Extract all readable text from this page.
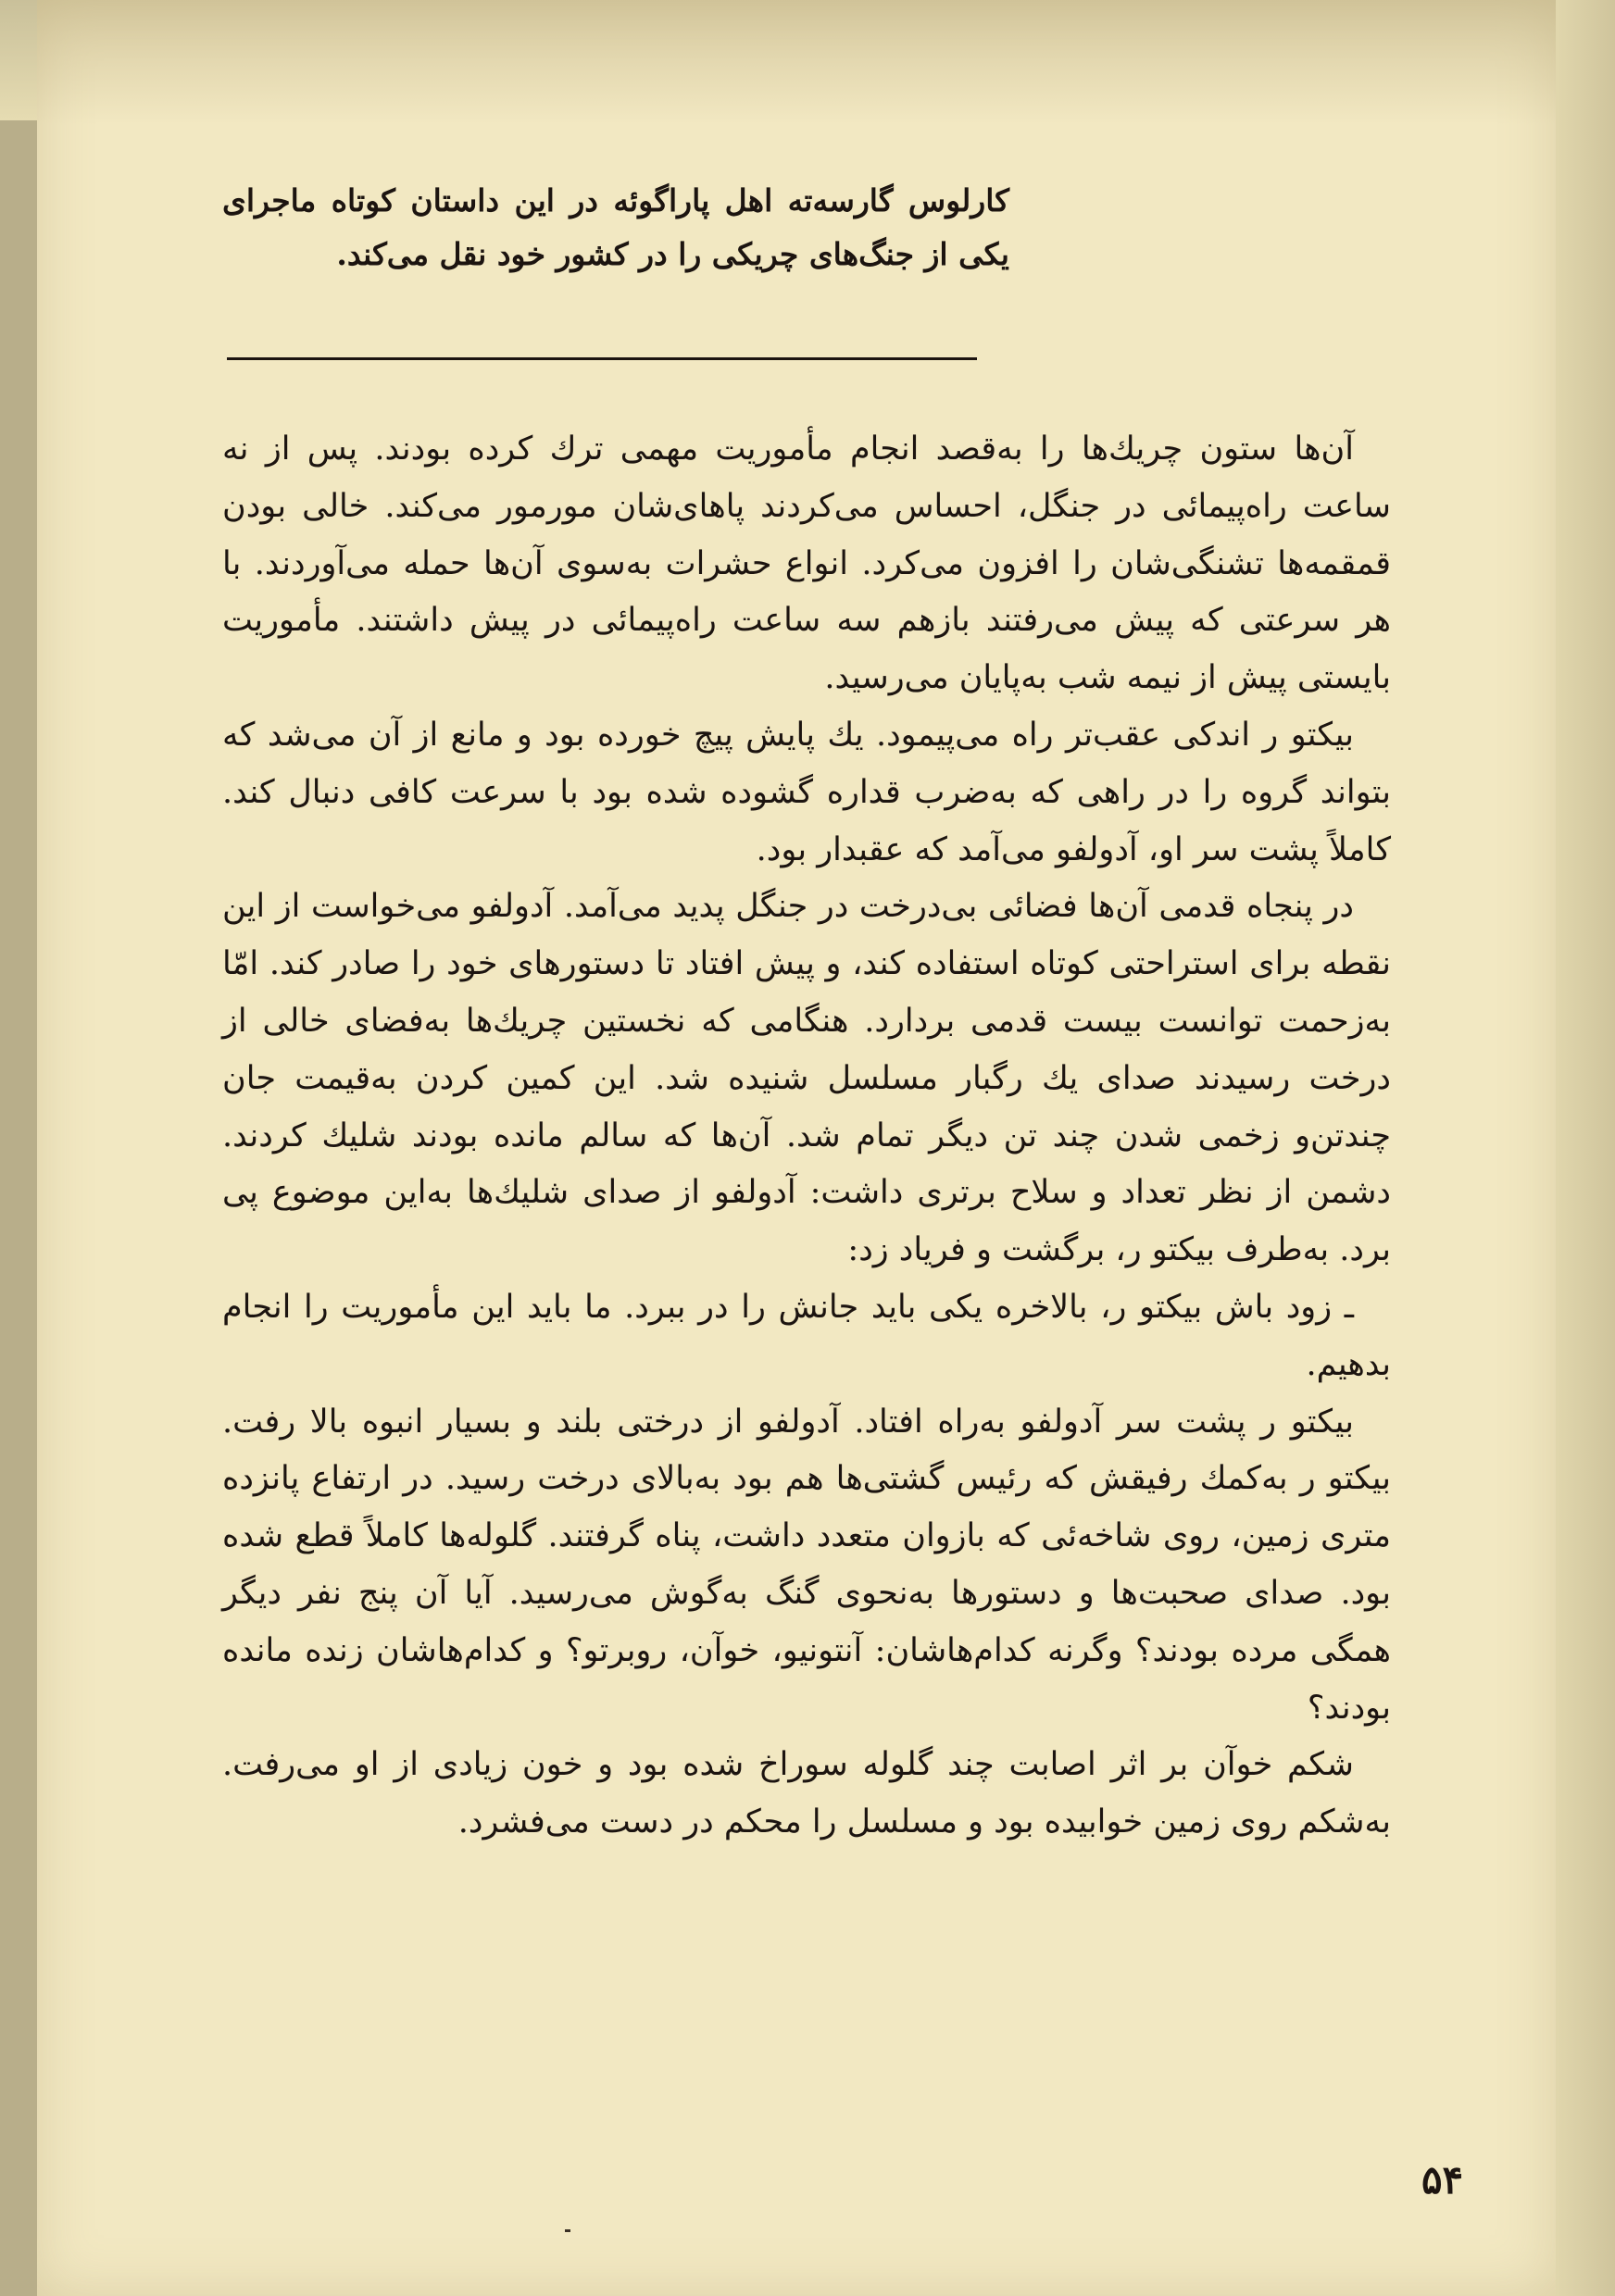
کارلوس گارسه‌ته اهل پاراگوئه در این داستان کوتاه ماجرای یکی از جنگ‌های چریکی را در کشور خود نقل می‌کند.

آن‌ها ستون چریك‌ها را به‌قصد انجام مأموریت مهمی ترك کرده بودند. پس از نه ساعت راه‌پیمائی در جنگل، احساس می‌کردند پاهای‌شان مورمور می‌کند. خالی بودن قمقمه‌ها تشنگی‌شان را افزون می‌کرد. انواع حشرات به‌سوی آن‌ها حمله می‌آوردند. با هر سرعتی که پیش می‌رفتند بازهم سه ساعت راه‌پیمائی در پیش داشتند. مأموریت بایستی پیش از نیمه شب به‌پایان می‌رسید.

بیکتو ر اندکی عقب‌تر راه می‌پیمود. یك پایش پیچ خورده بود و مانع از آن می‌شد که بتواند گروه را در راهی که به‌ضرب قداره گشوده شده بود با سرعت کافی دنبال کند. کاملاً پشت سر او، آدولفو می‌آمد که عقبدار بود.

در پنجاه قدمی آن‌ها فضائی بی‌درخت در جنگل پدید می‌آمد. آدولفو می‌خواست از این نقطه برای استراحتی کوتاه استفاده کند، و پیش افتاد تا دستورهای خود را صادر کند. امّا به‌زحمت توانست بیست قدمی بردارد. هنگامی که نخستین چریك‌ها به‌فضای خالی از درخت رسیدند صدای یك رگبار مسلسل شنیده شد. این کمین کردن به‌قیمت جان چندتن‌و زخمی شدن چند تن دیگر تمام شد. آن‌ها که سالم مانده بودند شلیك کردند. دشمن از نظر تعداد و سلاح برتری داشت: آدولفو از صدای شلیك‌ها به‌این موضوع پی برد. به‌طرف بیکتو ر، برگشت و فریاد زد:

ـ زود باش بیکتو ر، بالاخره یکی باید جانش را در ببرد. ما باید این مأموریت را انجام بدهیم.

بیکتو ر پشت سر آدولفو به‌راه افتاد. آدولفو از درختی بلند و بسیار انبوه بالا رفت. بیکتو ر به‌کمك رفیقش که رئیس گشتی‌ها هم بود به‌بالای درخت رسید. در ارتفاع پانزده متری زمین، روی شاخه‌ئی که بازوان متعدد داشت، پناه گرفتند. گلوله‌ها کاملاً قطع شده بود. صدای صحبت‌ها و دستورها به‌نحوی گنگ به‌گوش می‌رسید. آیا آن پنج نفر دیگر همگی مرده بودند؟ وگرنه کدام‌هاشان: آنتونیو، خوآن، روبرتو؟ و کدام‌هاشان زنده مانده بودند؟

شکم خوآن بر اثر اصابت چند گلوله سوراخ شده بود و خون زیادی از او می‌رفت. به‌شکم روی زمین خوابیده بود و مسلسل را محکم در دست می‌فشرد.

۵۴
